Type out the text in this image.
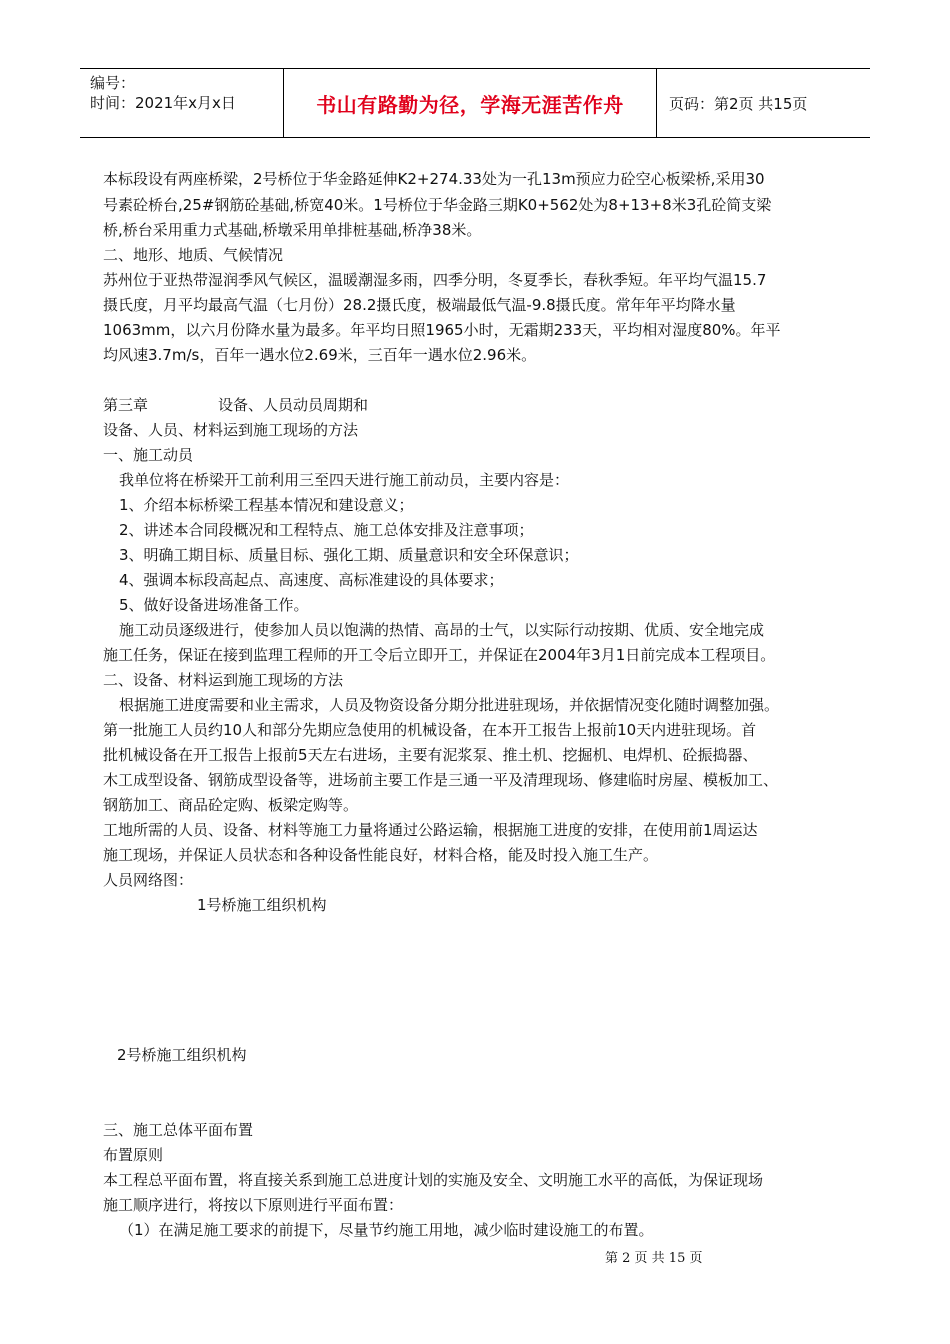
编号：
时间：2021年x月x日	书山有路勤为径，学海无涯苦作舟	页码：第2页 共15页
本标段设有两座桥梁，2号桥位于华金路延伸K2+274.33处为一孔13m预应力砼空心板梁桥,采用30
号素砼桥台,25#钢筋砼基础,桥宽40米。1号桥位于华金路三期K0+562处为8+13+8米3孔砼简支梁
桥,桥台采用重力式基础,桥墩采用单排桩基础,桥净38米。
二、地形、地质、气候情况
苏州位于亚热带湿润季风气候区，温暖潮湿多雨，四季分明，冬夏季长，春秋季短。年平均气温15.7
摄氏度，月平均最高气温（七月份）28.2摄氏度，极端最低气温-9.8摄氏度。常年年平均降水量
1063mm，以六月份降水量为最多。年平均日照1965小时，无霜期233天，平均相对湿度80%。年平
均风速3.7m/s，百年一遇水位2.69米，三百年一遇水位2.96米。
第三章	设备、人员动员周期和
设备、人员、材料运到施工现场的方法
一、施工动员
我单位将在桥梁开工前利用三至四天进行施工前动员，主要内容是：
1、介绍本标桥梁工程基本情况和建设意义；
2、讲述本合同段概况和工程特点、施工总体安排及注意事项；
3、明确工期目标、质量目标、强化工期、质量意识和安全环保意识；
4、强调本标段高起点、高速度、高标准建设的具体要求；
5、做好设备进场准备工作。
施工动员逐级进行，使参加人员以饱满的热情、高昂的士气，以实际行动按期、优质、安全地完成
施工任务，保证在接到监理工程师的开工令后立即开工，并保证在2004年3月1日前完成本工程项目。
二、设备、材料运到施工现场的方法
根据施工进度需要和业主需求，人员及物资设备分期分批进驻现场，并依据情况变化随时调整加强。
第一批施工人员约10人和部分先期应急使用的机械设备，在本开工报告上报前10天内进驻现场。首
批机械设备在开工报告上报前5天左右进场，主要有泥浆泵、推土机、挖掘机、电焊机、砼振捣器、
木工成型设备、钢筋成型设备等，进场前主要工作是三通一平及清理现场、修建临时房屋、模板加工、
钢筋加工、商品砼定购、板梁定购等。
工地所需的人员、设备、材料等施工力量将通过公路运输，根据施工进度的安排，在使用前1周运达
施工现场，并保证人员状态和各种设备性能良好，材料合格，能及时投入施工生产。
人员网络图：
1号桥施工组织机构
2号桥施工组织机构
三、施工总体平面布置
布置原则
本工程总平面布置，将直接关系到施工总进度计划的实施及安全、文明施工水平的高低，为保证现场
施工顺序进行，将按以下原则进行平面布置：
（1）在满足施工要求的前提下，尽量节约施工用地，减少临时建设施工的布置。
第 2 页 共 15 页
